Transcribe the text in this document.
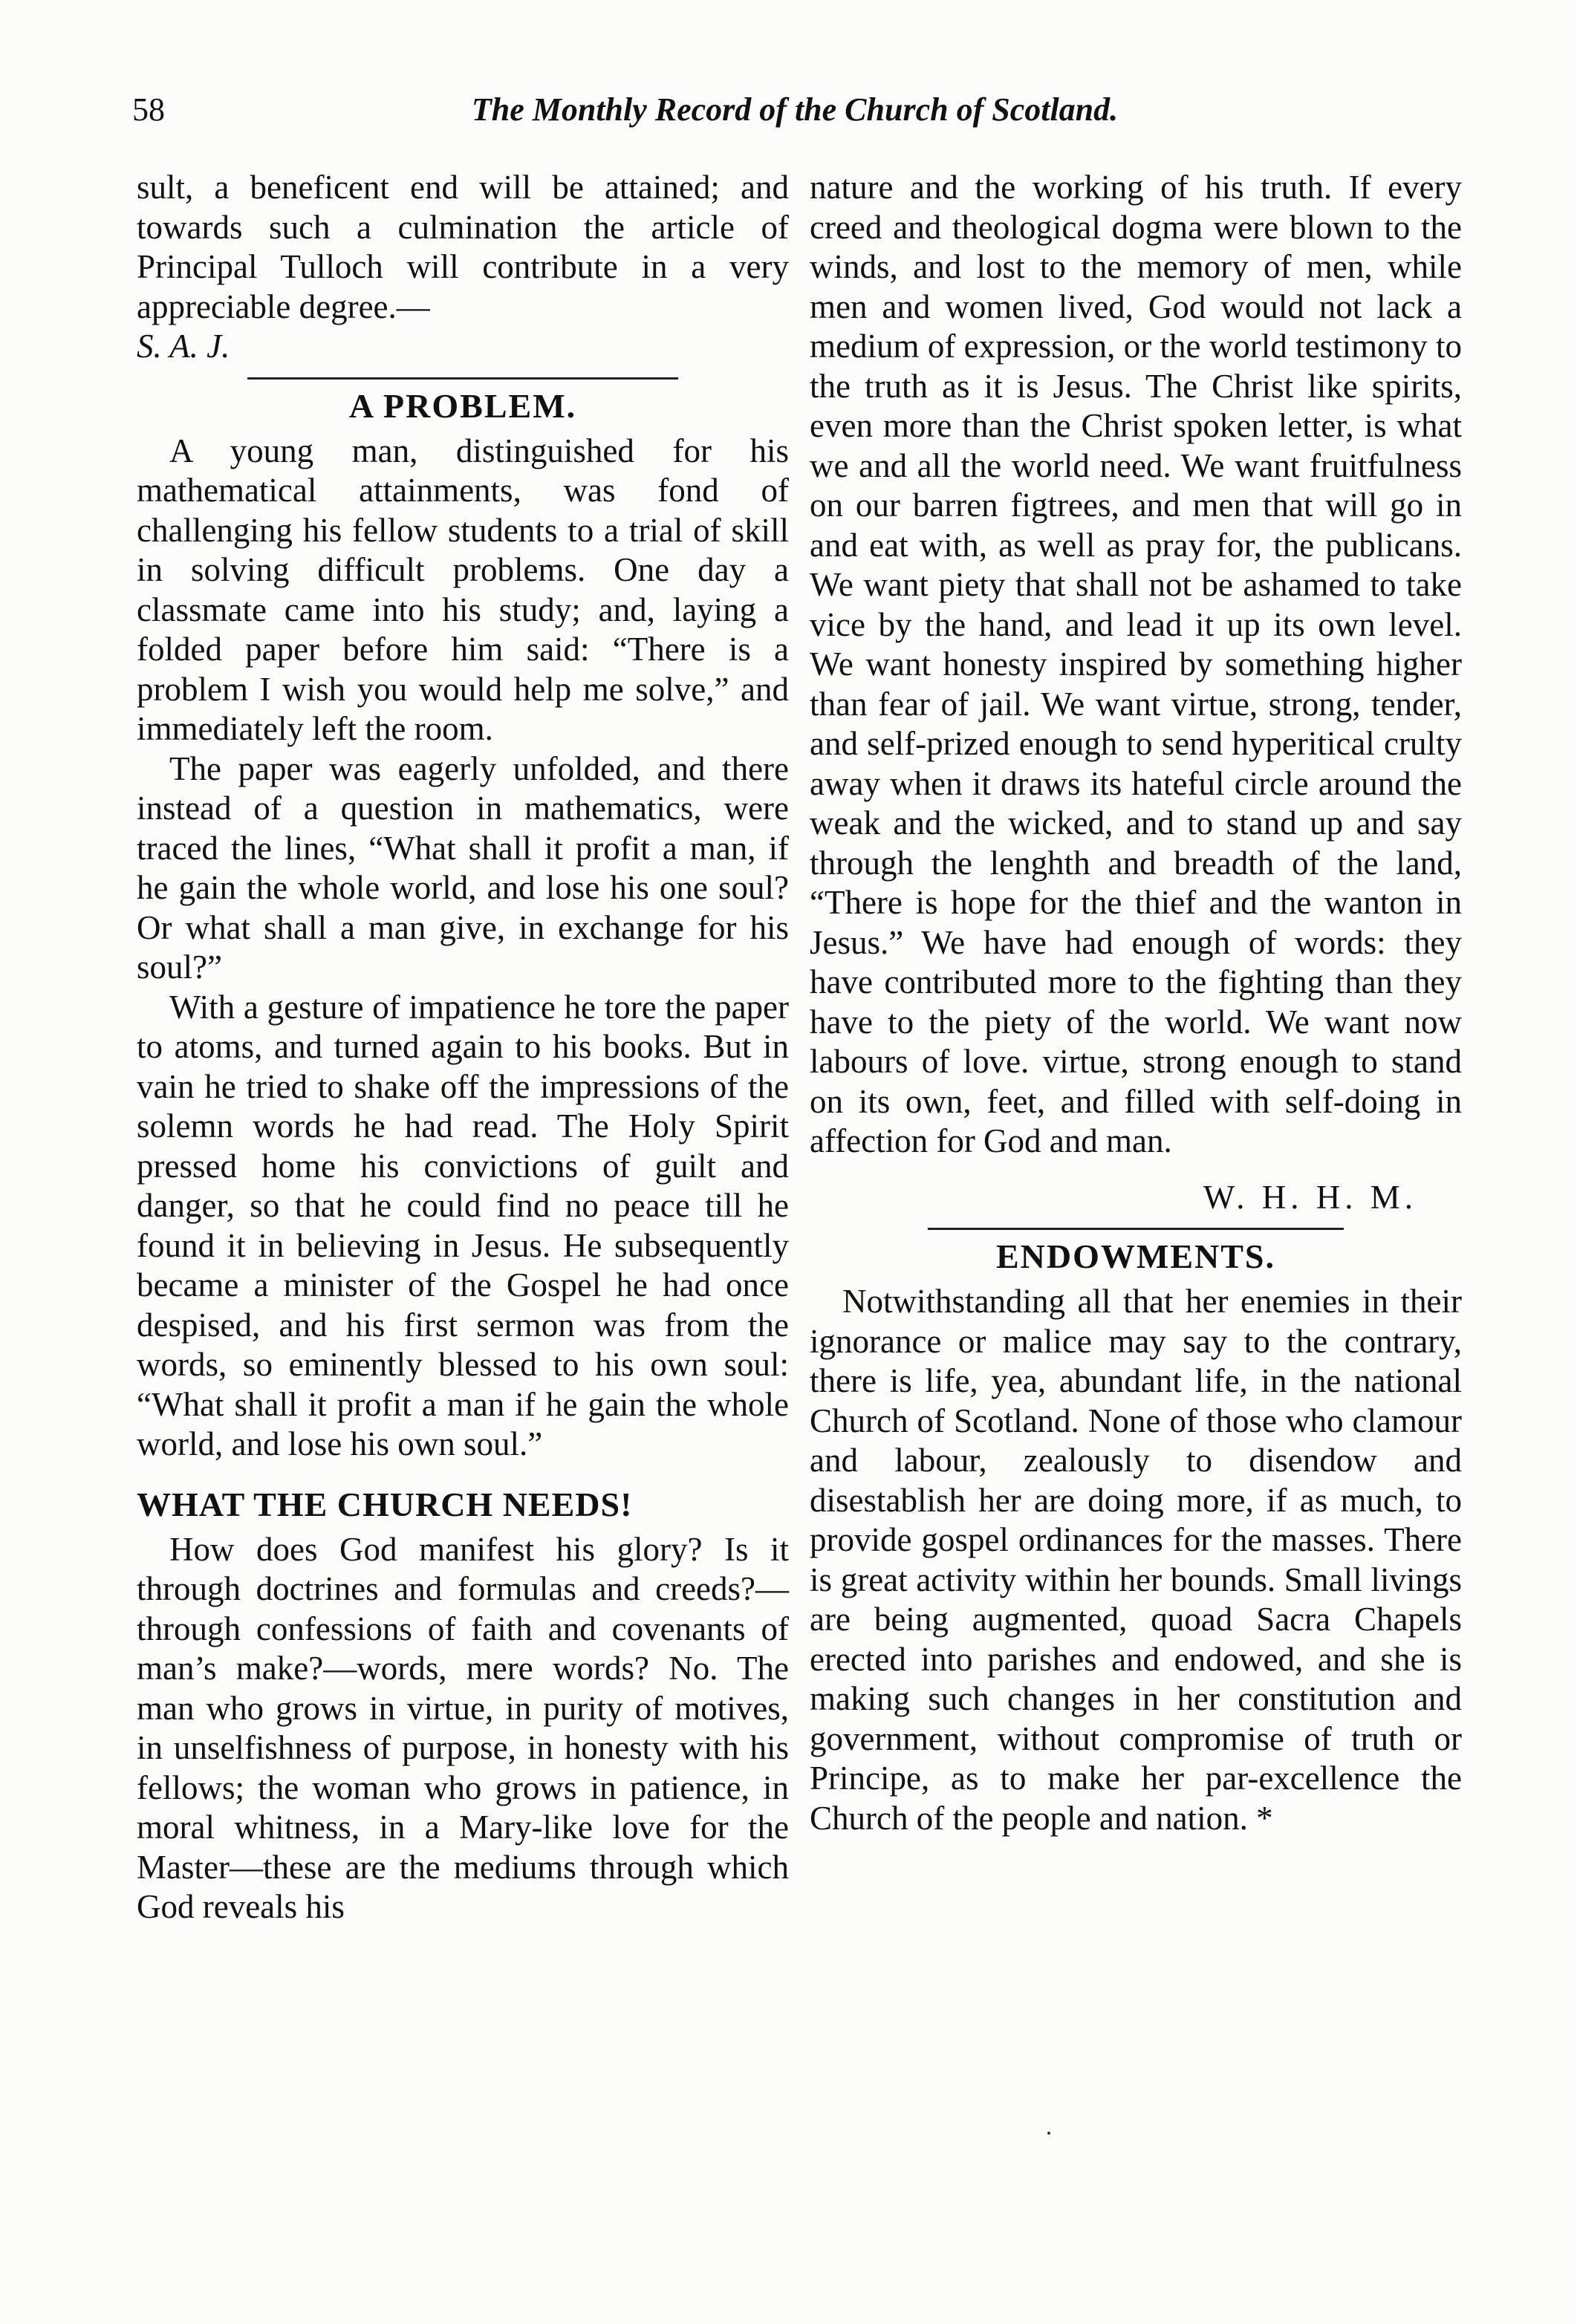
58	The Monthly Record of the Church of Scotland.

sult, a beneficent end will be attained; and towards such a culmination the article of Principal Tulloch will contribute in a very appreciable degree.—

S. A. J.

A PROBLEM.

A young man, distinguished for his mathematical attainments, was fond of challenging his fellow students to a trial of skill in solving difficult problems. One day a classmate came into his study; and, laying a folded paper before him said: “There is a problem I wish you would help me solve,” and immediately left the room.

The paper was eagerly unfolded, and there instead of a question in mathematics, were traced the lines, “What shall it profit a man, if he gain the whole world, and lose his one soul? Or what shall a man give, in exchange for his soul?”

With a gesture of impatience he tore the paper to atoms, and turned again to his books. But in vain he tried to shake off the impressions of the solemn words he had read. The Holy Spirit pressed home his convictions of guilt and danger, so that he could find no peace till he found it in believing in Jesus. He subsequently became a minister of the Gospel he had once despised, and his first sermon was from the words, so eminently blessed to his own soul: “What shall it profit a man if he gain the whole world, and lose his own soul.”

WHAT THE CHURCH NEEDS!

How does God manifest his glory? Is it through doctrines and formulas and creeds?—through confessions of faith and covenants of man’s make?—words, mere words? No. The man who grows in virtue, in purity of motives, in unselfishness of purpose, in honesty with his fellows; the woman who grows in patience, in moral whitness, in a Mary-like love for the Master—these are the mediums through which God reveals his

nature and the working of his truth. If every creed and theological dogma were blown to the winds, and lost to the memory of men, while men and women lived, God would not lack a medium of expression, or the world testimony to the truth as it is Jesus. The Christ like spirits, even more than the Christ spoken letter, is what we and all the world need. We want fruitfulness on our barren figtrees, and men that will go in and eat with, as well as pray for, the publicans. We want piety that shall not be ashamed to take vice by the hand, and lead it up its own level. We want honesty inspired by something higher than fear of jail. We want virtue, strong, tender, and self-prized enough to send hyperitical crulty away when it draws its hateful circle around the weak and the wicked, and to stand up and say through the lenghth and breadth of the land, “There is hope for the thief and the wanton in Jesus.” We have had enough of words: they have contributed more to the fighting than they have to the piety of the world. We want now labours of love. virtue, strong enough to stand on its own, feet, and filled with self-doing in affection for God and man.

W. H. H. M.

ENDOWMENTS.

Notwithstanding all that her enemies in their ignorance or malice may say to the contrary, there is life, yea, abundant life, in the national Church of Scotland. None of those who clamour and labour, zealously to disendow and disestablish her are doing more, if as much, to provide gospel ordinances for the masses. There is great activity within her bounds. Small livings are being augmented, quoad Sacra Chapels erected into parishes and endowed, and she is making such changes in her constitution and government, without compromise of truth or Principe, as to make her par-excellence the Church of the people and nation. *
